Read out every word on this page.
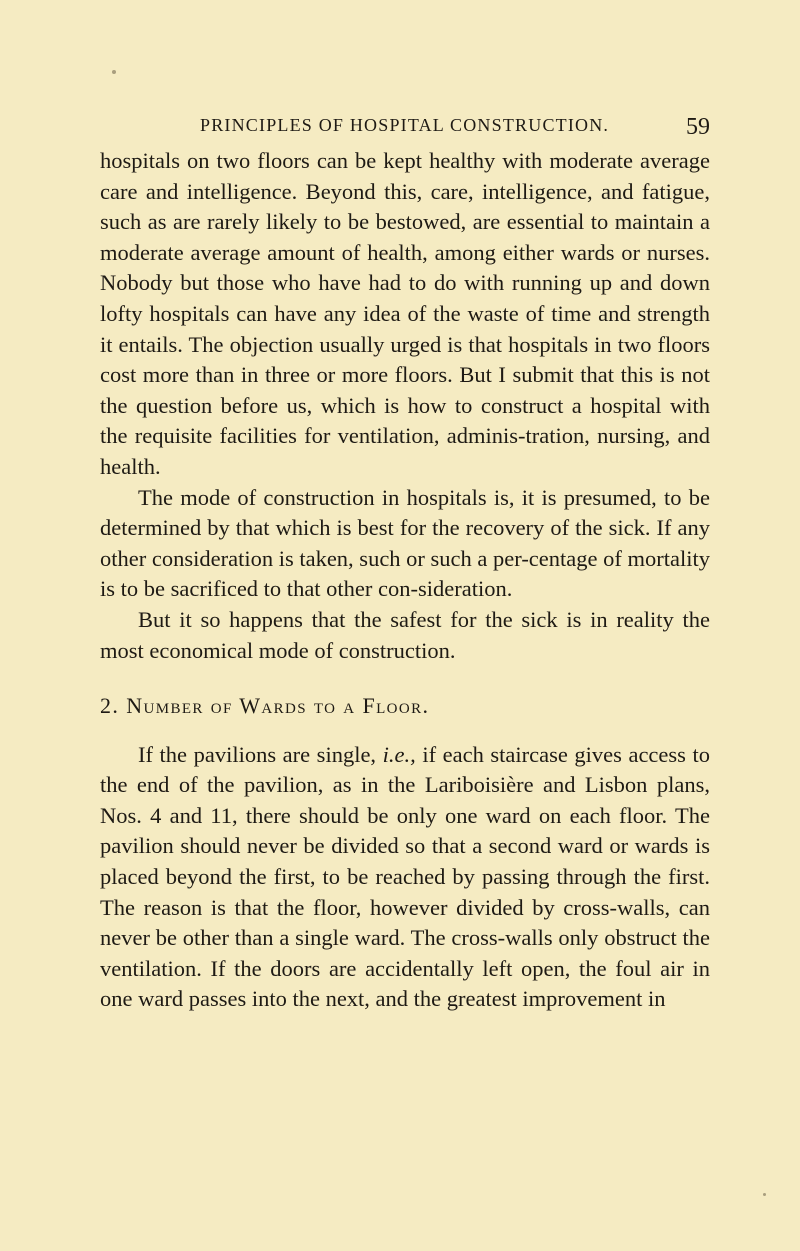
PRINCIPLES OF HOSPITAL CONSTRUCTION.	59

hospitals on two floors can be kept healthy with moderate average care and intelligence. Beyond this, care, intelligence, and fatigue, such as are rarely likely to be bestowed, are essential to maintain a moderate average amount of health, among either wards or nurses. Nobody but those who have had to do with running up and down lofty hospitals can have any idea of the waste of time and strength it entails. The objection usually urged is that hospitals in two floors cost more than in three or more floors. But I submit that this is not the question before us, which is how to construct a hospital with the requisite facilities for ventilation, adminis-tration, nursing, and health.

The mode of construction in hospitals is, it is presumed, to be determined by that which is best for the recovery of the sick. If any other consideration is taken, such or such a per-centage of mortality is to be sacrificed to that other con-sideration.

But it so happens that the safest for the sick is in reality the most economical mode of construction.

2. Number of Wards to a Floor.

If the pavilions are single, i.e., if each staircase gives access to the end of the pavilion, as in the Lariboisière and Lisbon plans, Nos. 4 and 11, there should be only one ward on each floor. The pavilion should never be divided so that a second ward or wards is placed beyond the first, to be reached by passing through the first. The reason is that the floor, however divided by cross-walls, can never be other than a single ward. The cross-walls only obstruct the ventilation. If the doors are accidentally left open, the foul air in one ward passes into the next, and the greatest improvement in
